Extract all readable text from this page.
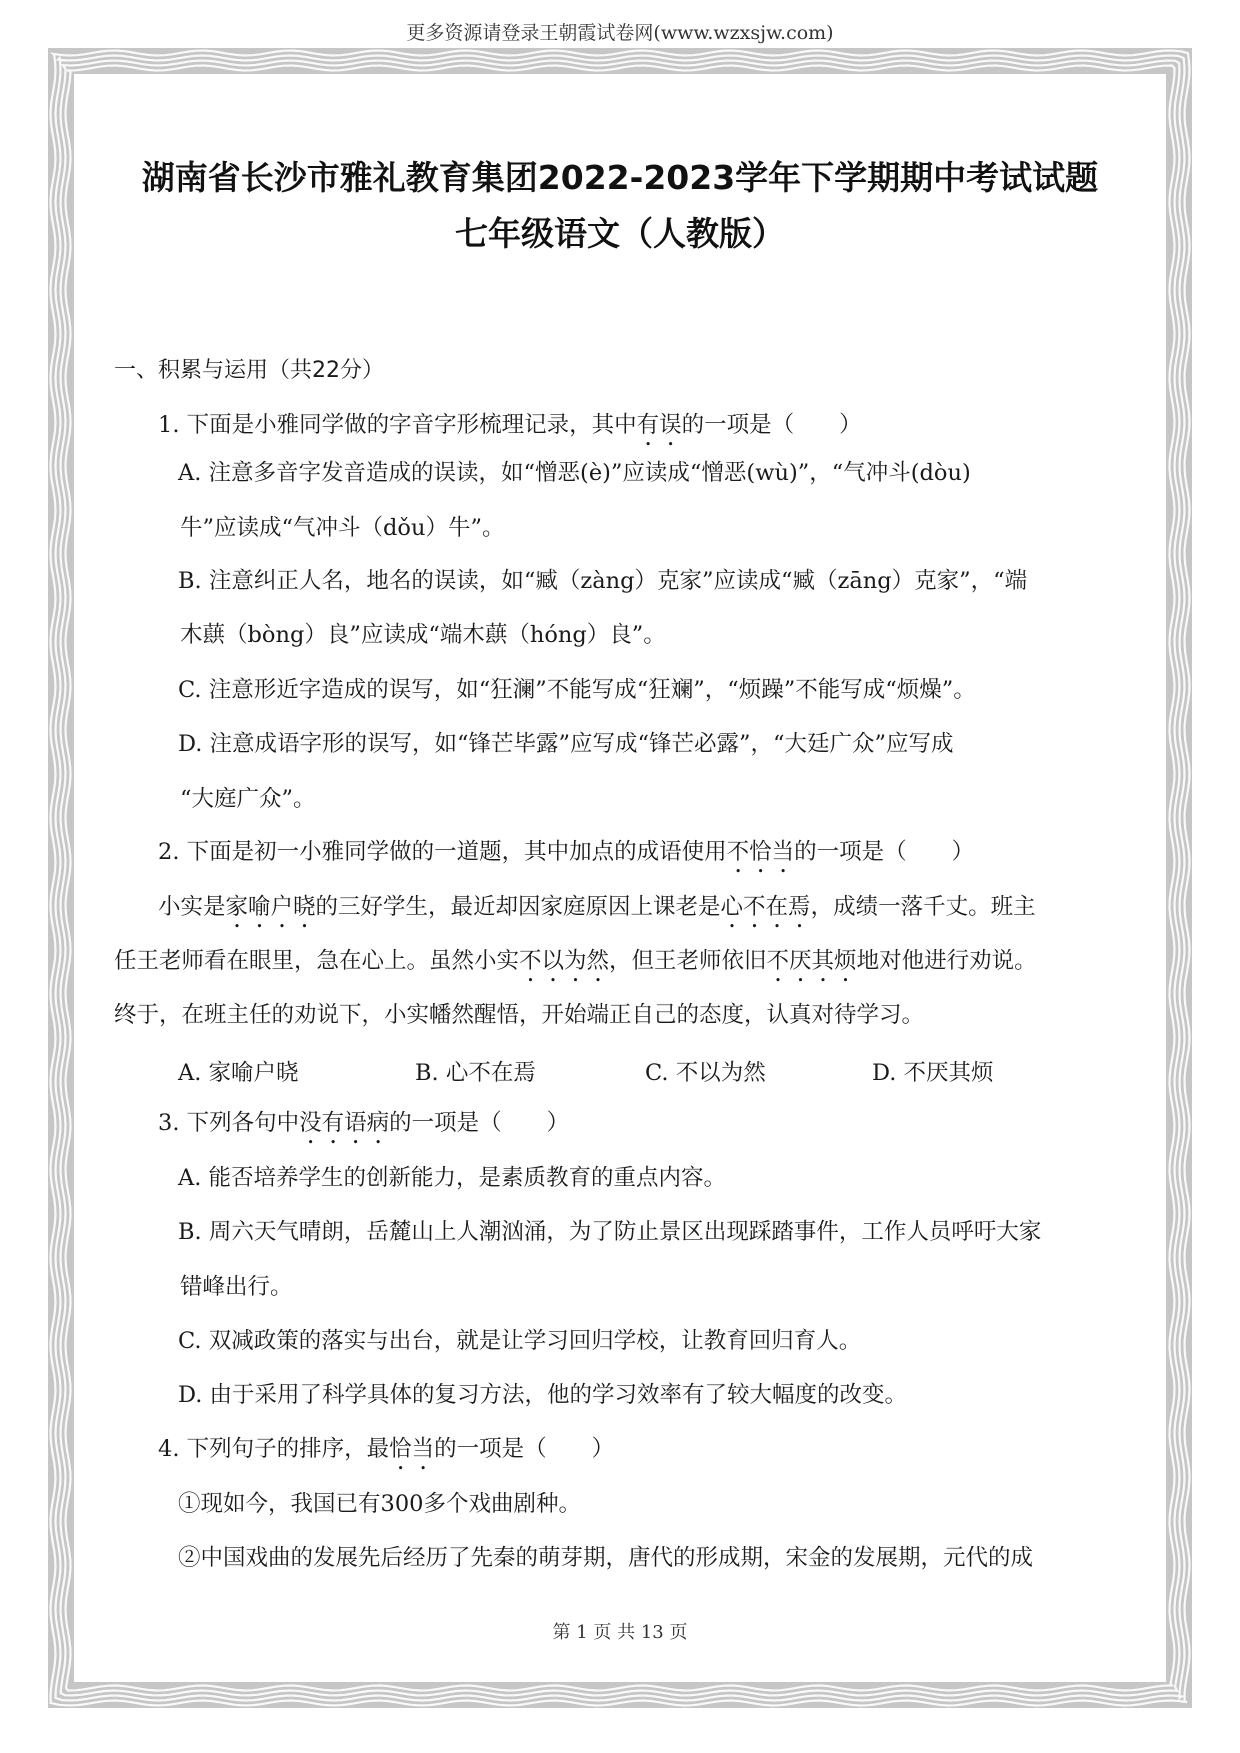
更多资源请登录王朝霞试卷网(www.wzxsjw.com)
湖南省长沙市雅礼教育集团2022-2023学年下学期期中考试试题
七年级语文（人教版）
一、积累与运用（共22分）
1. 下面是小雅同学做的字音字形梳理记录，其中有误的一项是（　　）
A. 注意多音字发音造成的误读，如“憎恶(è)”应读成“憎恶(wù)”，“气冲斗(dòu)
牛”应读成“气冲斗（dǒu）牛”。
B. 注意纠正人名，地名的误读，如“臧（zàng）克家”应读成“臧（zāng）克家”，“端
木蕻（bòng）良”应读成“端木蕻（hóng）良”。
C. 注意形近字造成的误写，如“狂澜”不能写成“狂斓”，“烦躁”不能写成“烦燥”。
D. 注意成语字形的误写，如“锋芒毕露”应写成“锋芒必露”，“大廷广众”应写成
“大庭广众”。
2. 下面是初一小雅同学做的一道题，其中加点的成语使用不恰当的一项是（　　）
小实是家喻户晓的三好学生，最近却因家庭原因上课老是心不在焉，成绩一落千丈。班主
任王老师看在眼里，急在心上。虽然小实不以为然，但王老师依旧不厌其烦地对他进行劝说。
终于，在班主任的劝说下，小实幡然醒悟，开始端正自己的态度，认真对待学习。
A. 家喻户晓	B. 心不在焉	C. 不以为然	D. 不厌其烦
3. 下列各句中没有语病的一项是（　　）
A. 能否培养学生的创新能力，是素质教育的重点内容。
B. 周六天气晴朗，岳麓山上人潮汹涌，为了防止景区出现踩踏事件，工作人员呼吁大家
错峰出行。
C. 双减政策的落实与出台，就是让学习回归学校，让教育回归育人。
D. 由于采用了科学具体的复习方法，他的学习效率有了较大幅度的改变。
4. 下列句子的排序，最恰当的一项是（　　）
①现如今，我国已有300多个戏曲剧种。
②中国戏曲的发展先后经历了先秦的萌芽期，唐代的形成期，宋金的发展期，元代的成
第 1 页 共 13 页
